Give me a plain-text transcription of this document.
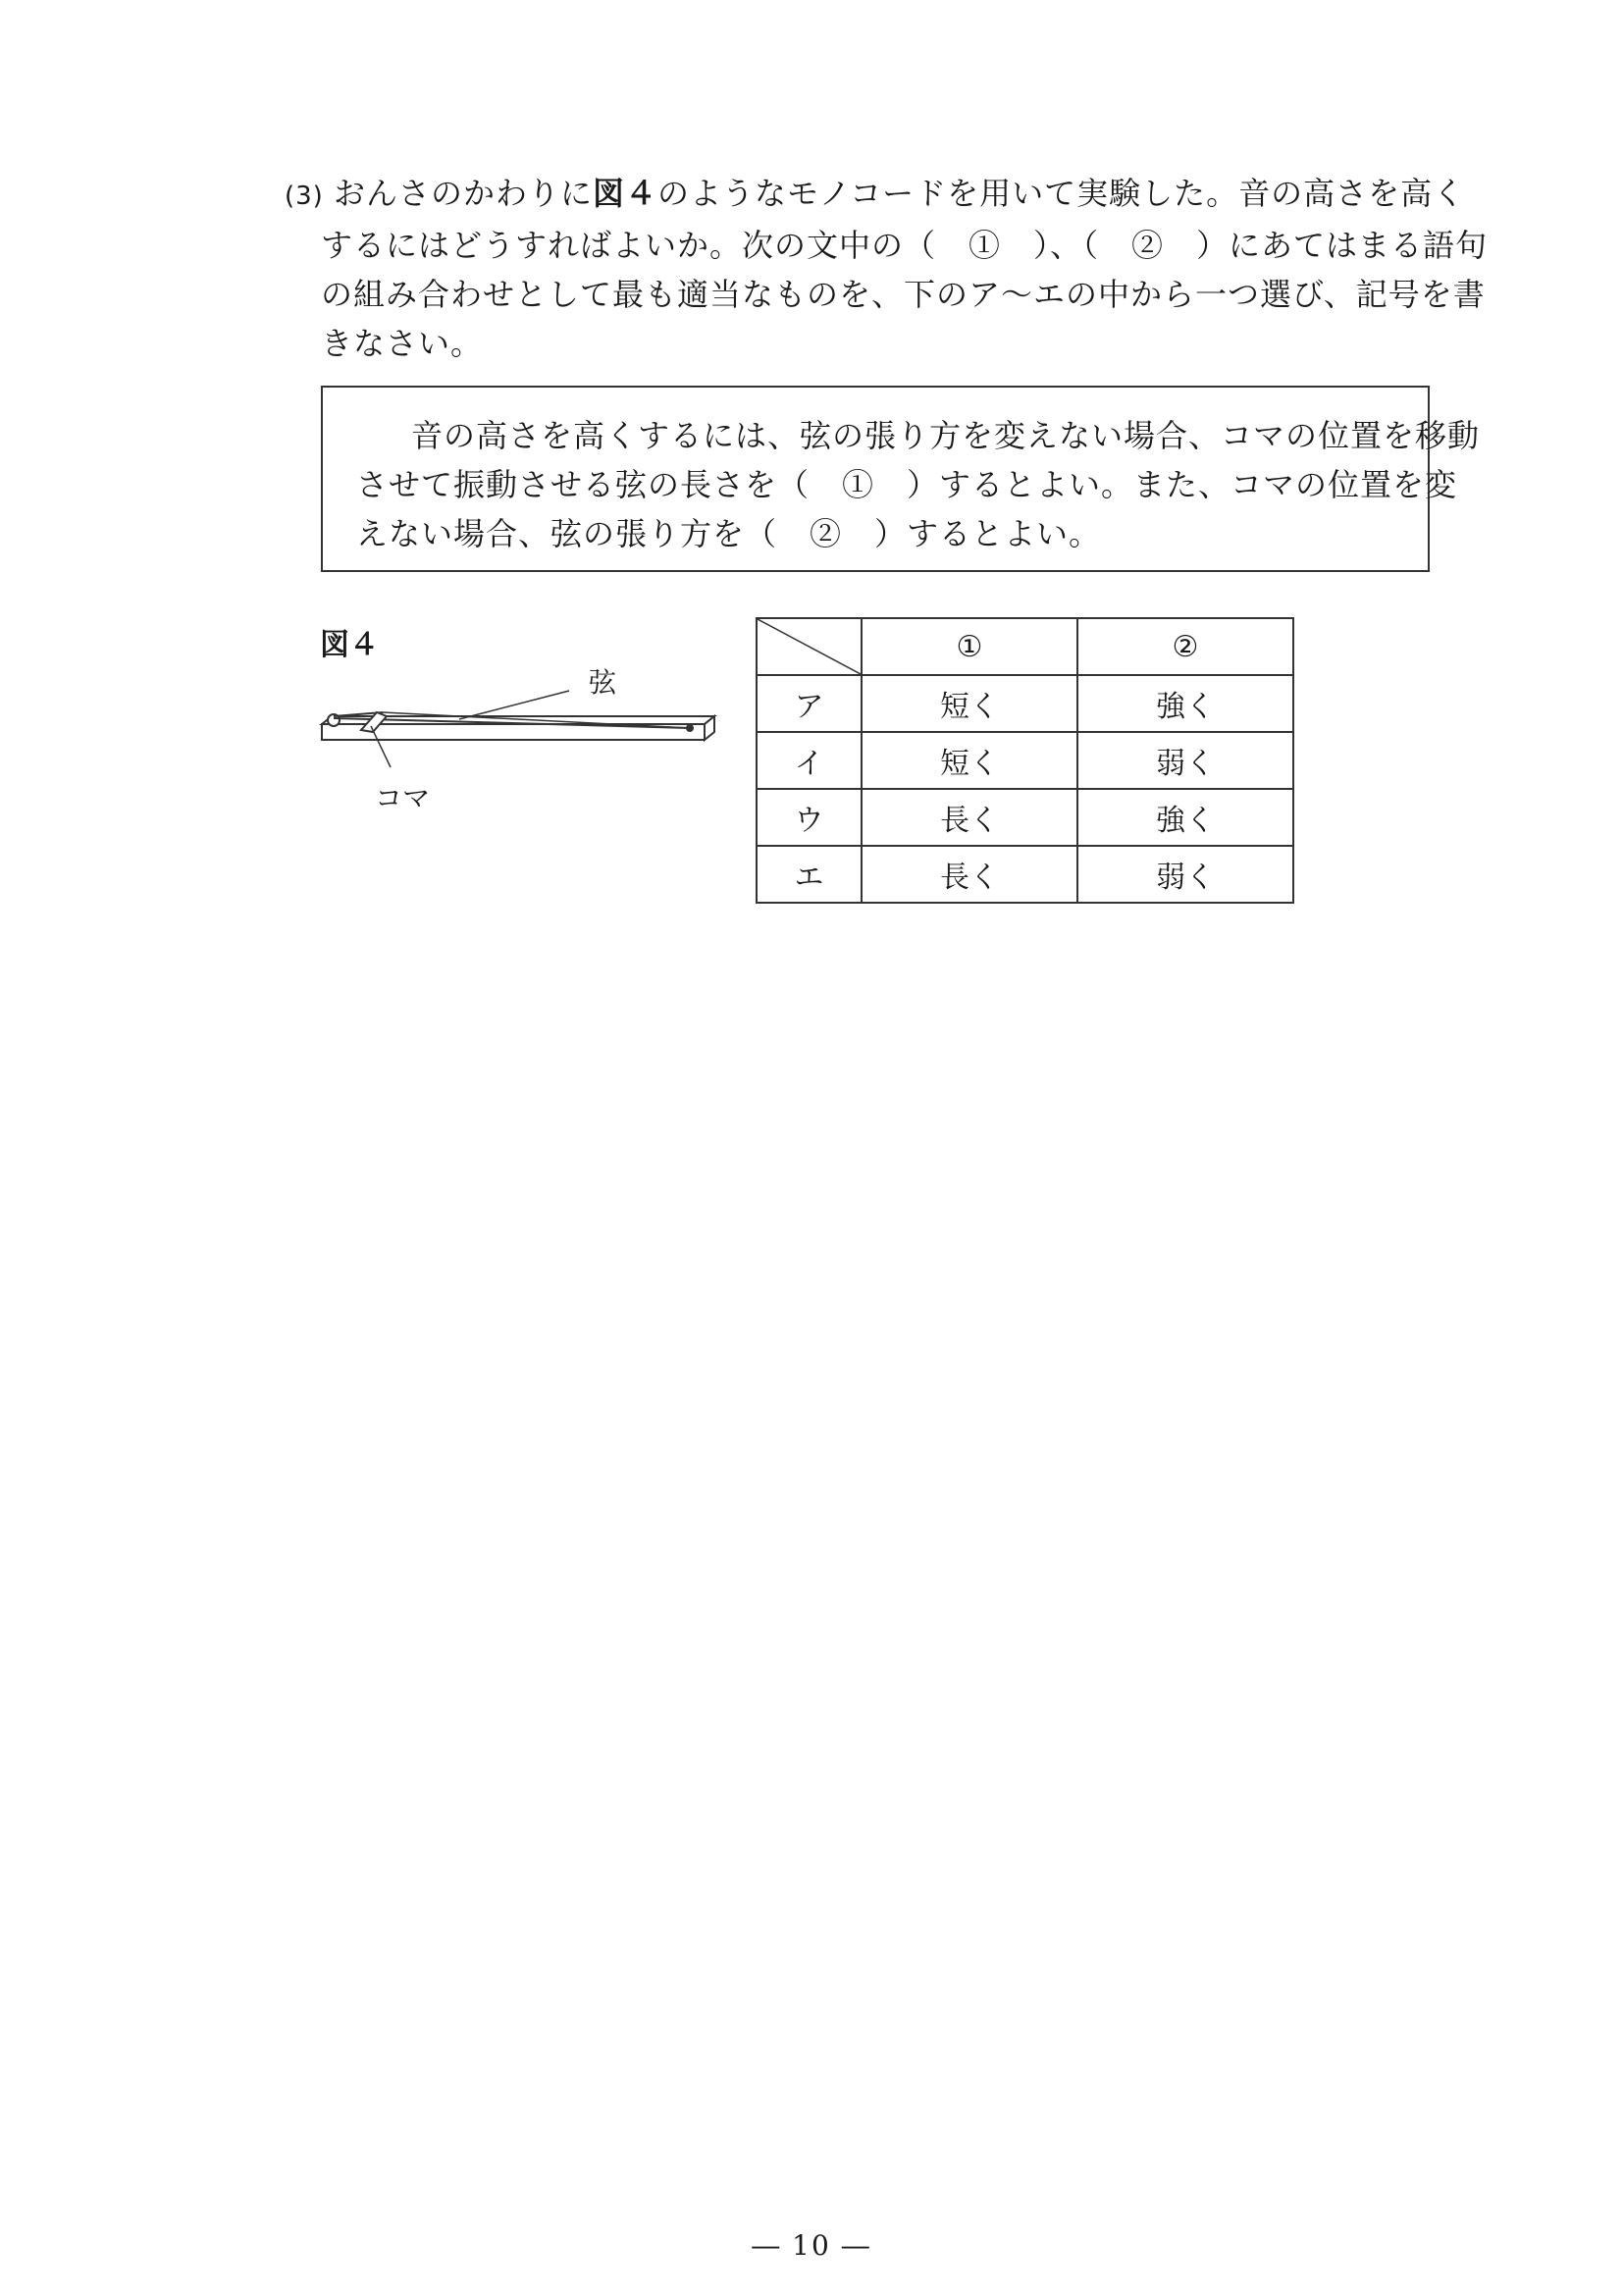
(3) おんさのかわりに図４のようなモノコードを用いて実験した。音の高さを高く
するにはどうすればよいか。次の文中の（　①　）、（　②　）にあてはまる語句
の組み合わせとして最も適当なものを、下のア～エの中から一つ選び、記号を書
きなさい。
音の高さを高くするには、弦の張り方を変えない場合、コマの位置を移動
させて振動させる弦の長さを（　①　）するとよい。また、コマの位置を変
えない場合、弦の張り方を（　②　）するとよい。
図４
弦
コマ
	①	②
ア	短く	強く
イ	短く	弱く
ウ	長く	強く
エ	長く	弱く
― 10 ―
